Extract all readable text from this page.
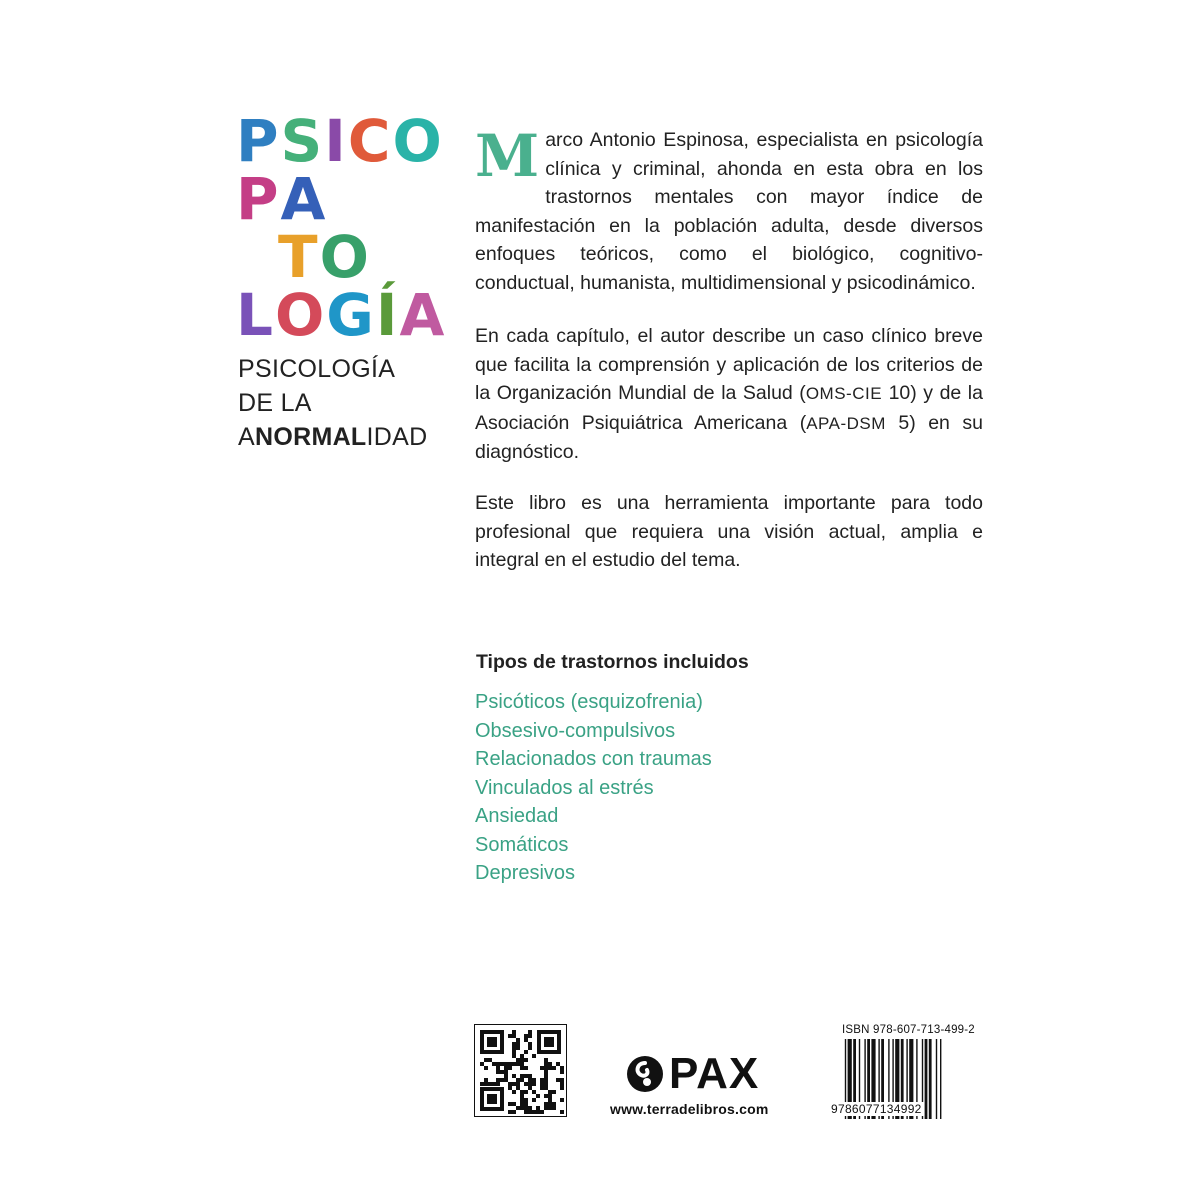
PSICO
PA
TO
LOGÍA
PSICOLOGÍA
DE LA
ANORMALIDAD

Marco Antonio Espinosa, especialista en psicología clínica y criminal, ahonda en esta obra en los trastornos mentales con mayor índice de manifestación en la población adulta, desde diversos enfoques teóricos, como el biológico, cognitivo-conductual, humanista, multidimensional y psicodinámico.

En cada capítulo, el autor describe un caso clínico breve que facilita la comprensión y aplicación de los criterios de la Organización Mundial de la Salud (OMS-CIE 10) y de la Asociación Psiquiátrica Americana (APA-DSM 5) en su diagnóstico.

Este libro es una herramienta importante para todo profesional que requiera una visión actual, amplia e integral en el estudio del tema.

Tipos de trastornos incluidos
Psicóticos (esquizofrenia)
Obsesivo-compulsivos
Relacionados con traumas
Vinculados al estrés
Ansiedad
Somáticos
Depresivos
PAX
www.terradelibros.com
ISBN 978-607-713-499-2
9786077134992
